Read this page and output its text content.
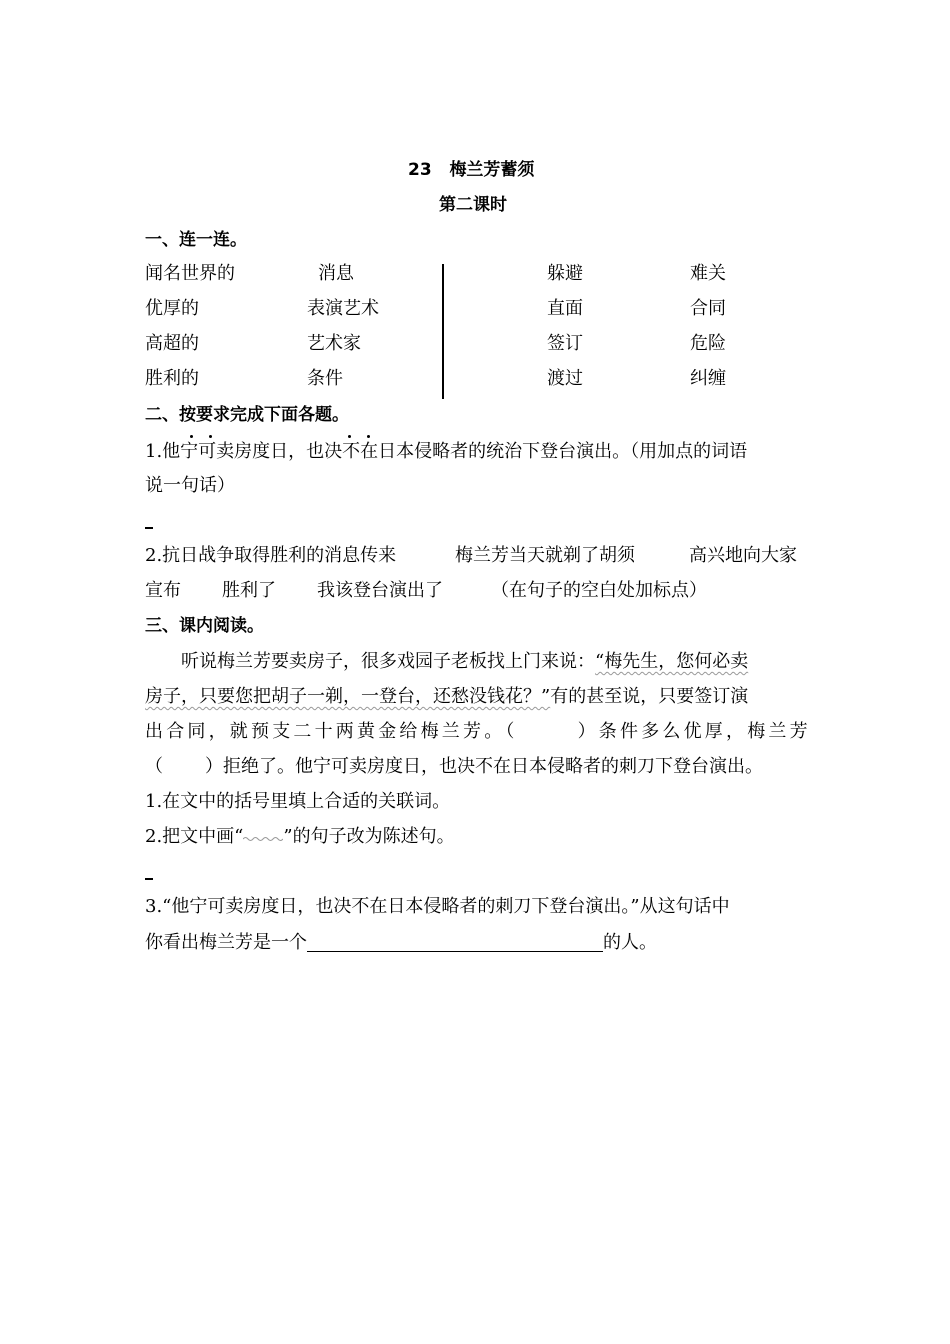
23 梅兰芳蓄须
第二课时
一、连一连。
闻名世界的	消息
优厚的	表演艺术
高超的	艺术家
胜利的	条件
躲避	难关
直面	合同
签订	危险
渡过	纠缠
二、按要求完成下面各题。
1.他宁可卖房度日，也决不在日本侵略者的统治下登台演出。（用加点的词语
说一句话）
2.抗日战争取得胜利的消息传来	梅兰芳当天就剃了胡须	高兴地向大家
宣布 胜利了 我该登台演出了	（在句子的空白处加标点）
三、课内阅读。
听说梅兰芳要卖房子，很多戏园子老板找上门来说：“梅先生，您何必卖
房子，只要您把胡子一剃，一登台，还愁没钱花？”有的甚至说，只要签订演
出合同，就预支二十两黄金给梅兰芳。（	）条件多么优厚，梅兰芳
（ ）拒绝了。他宁可卖房度日，也决不在日本侵略者的刺刀下登台演出。
1.在文中的括号里填上合适的关联词。
2.把文中画“ ”的句子改为陈述句。
3.“他宁可卖房度日，也决不在日本侵略者的刺刀下登台演出。”从这句话中
你看出梅兰芳是一个	的人。
